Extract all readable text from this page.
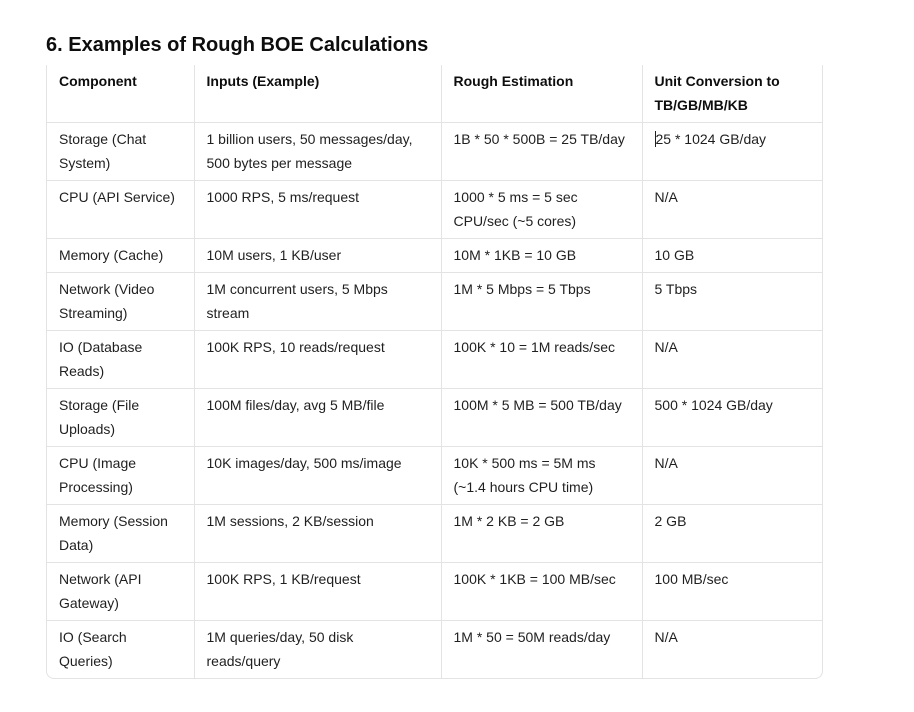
6. Examples of Rough BOE Calculations
Component	Inputs (Example)	Rough Estimation	Unit Conversion to TB/GB/MB/KB
Storage (Chat System)	1 billion users, 50 messages/day, 500 bytes per message	1B * 50 * 500B = 25 TB/day	25 * 1024 GB/day
CPU (API Service)	1000 RPS, 5 ms/request	1000 * 5 ms = 5 sec CPU/sec (~5 cores)	N/A
Memory (Cache)	10M users, 1 KB/user	10M * 1KB = 10 GB	10 GB
Network (Video Streaming)	1M concurrent users, 5 Mbps stream	1M * 5 Mbps = 5 Tbps	5 Tbps
IO (Database Reads)	100K RPS, 10 reads/request	100K * 10 = 1M reads/sec	N/A
Storage (File Uploads)	100M files/day, avg 5 MB/file	100M * 5 MB = 500 TB/day	500 * 1024 GB/day
CPU (Image Processing)	10K images/day, 500 ms/image	10K * 500 ms = 5M ms (~1.4 hours CPU time)	N/A
Memory (Session Data)	1M sessions, 2 KB/session	1M * 2 KB = 2 GB	2 GB
Network (API Gateway)	100K RPS, 1 KB/request	100K * 1KB = 100 MB/sec	100 MB/sec
IO (Search Queries)	1M queries/day, 50 disk reads/query	1M * 50 = 50M reads/day	N/A
